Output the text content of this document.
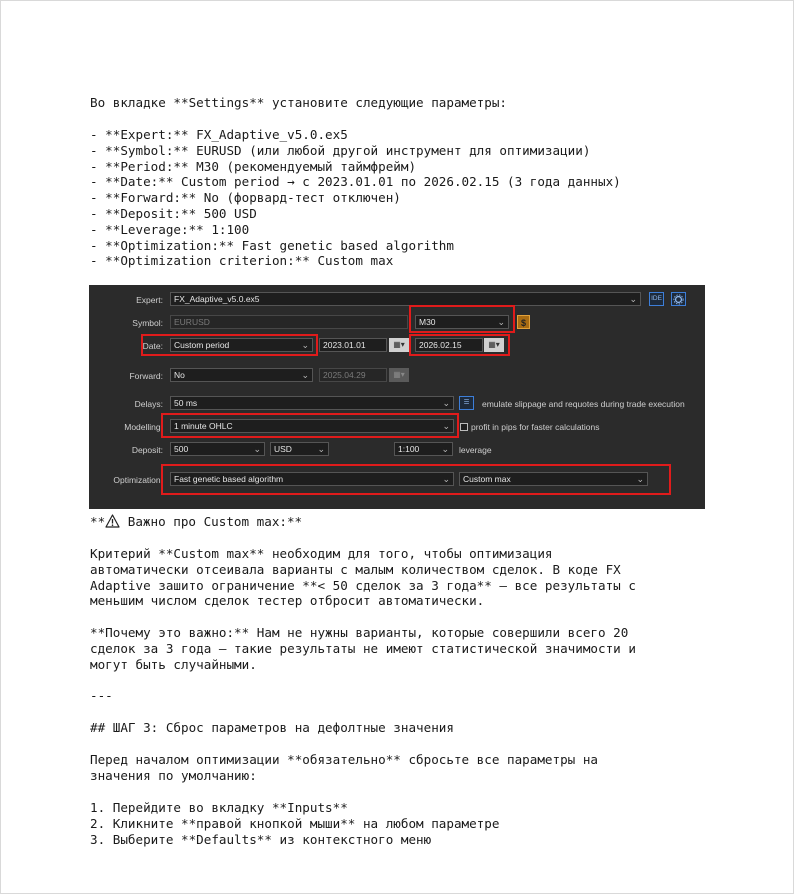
Во вкладке **Settings** установите следующие параметры:
- **Expert:** FX_Adaptive_v5.0.ex5
- **Symbol:** EURUSD (или любой другой инструмент для оптимизации)
- **Period:** M30 (рекомендуемый таймфрейм)
- **Date:** Custom period → с 2023.01.01 по 2026.02.15 (3 года данных)
- **Forward:** No (форвард-тест отключен)
- **Deposit:** 500 USD
- **Leverage:** 1:100
- **Optimization:** Fast genetic based algorithm
- **Optimization criterion:** Custom max
Expert:	FX_Adaptive_v5.0.ex5	⌄	IDE
Symbol:	EURUSD	M30	⌄	$
Date:	Custom period	⌄	2023.01.01	▦▾	2026.02.15	▦▾
Forward:	No	⌄	2025.04.29	▦▾
Delays:	50 ms	⌄	☰	emulate slippage and requotes during trade execution
Modelling:	1 minute OHLC	⌄ profit in pips for faster calculations
Deposit:	500	⌄	USD	⌄	1:100 ⌄ leverage
Optimization:	Fast genetic based algorithm	⌄	Custom max	⌄
** Важно про Custom max:**
Критерий **Custom max** необходим для того, чтобы оптимизация
автоматически отсеивала варианты с малым количеством сделок. В коде FX
Adaptive зашито ограничение **< 50 сделок за 3 года** — все результаты с
меньшим числом сделок тестер отбросит автоматически.
**Почему это важно:** Нам не нужны варианты, которые совершили всего 20
сделок за 3 года — такие результаты не имеют статистической значимости и
могут быть случайными.
---
## ШАГ 3: Сброс параметров на дефолтные значения
Перед началом оптимизации **обязательно** сбросьте все параметры на
значения по умолчанию:
1. Перейдите во вкладку **Inputs**
2. Кликните **правой кнопкой мыши** на любом параметре
3. Выберите **Defaults** из контекстного меню
